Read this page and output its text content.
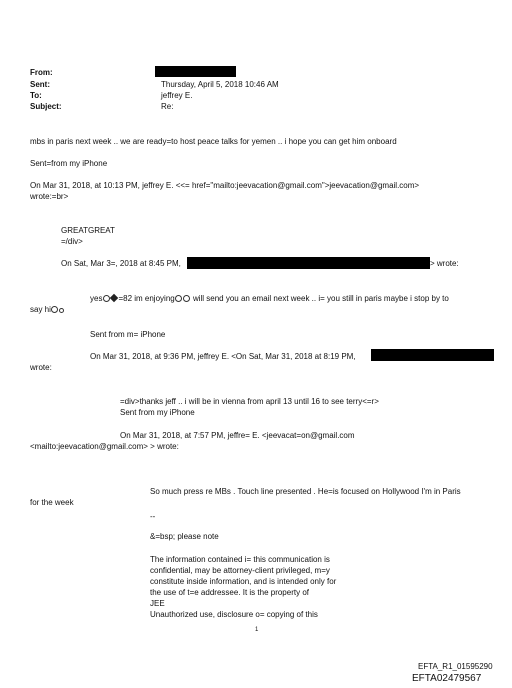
From:
Sent:	Thursday, April 5, 2018 10:46 AM
To:	jeffrey E.
Subject:	Re:
mbs in paris next week .. we are ready=to host peace talks for yemen .. i hope you can get him onboard
Sent=from my iPhone
On Mar 31, 2018, at 10:13 PM, jeffrey E. <<= href="mailto:jeevacation@gmail.com">jeevacation@gmail.com>
wrote:=br>
GREATGREAT
=/div>
On Sat, Mar 3=, 2018 at 8:45 PM,	> wrote:
yes =82 im enjoying will send you an email next week .. i= you still in paris maybe i stop by to
say hi
Sent from m= iPhone
On Mar 31, 2018, at 9:36 PM, jeffrey E. <On Sat, Mar 31, 2018 at 8:19 PM,
wrote:
=div>thanks jeff .. i will be in vienna from april 13 until 16 to see terry<=r>
Sent from my iPhone
On Mar 31, 2018, at 7:57 PM, jeffre= E. <jeevacat=on@gmail.com
<mailto:jeevacation@gmail.com> > wrote:
So much press re MBs . Touch line presented . He=is focused on Hollywood I'm in Paris
for the week
--
&=bsp; please note
The information contained i= this communication is
confidential, may be attorney-client privileged, m=y
constitute inside information, and is intended only for
the use of t=e addressee. It is the property of
JEE
Unauthorized use, disclosure o= copying of this
1
EFTA_R1_01595290
EFTA02479567
